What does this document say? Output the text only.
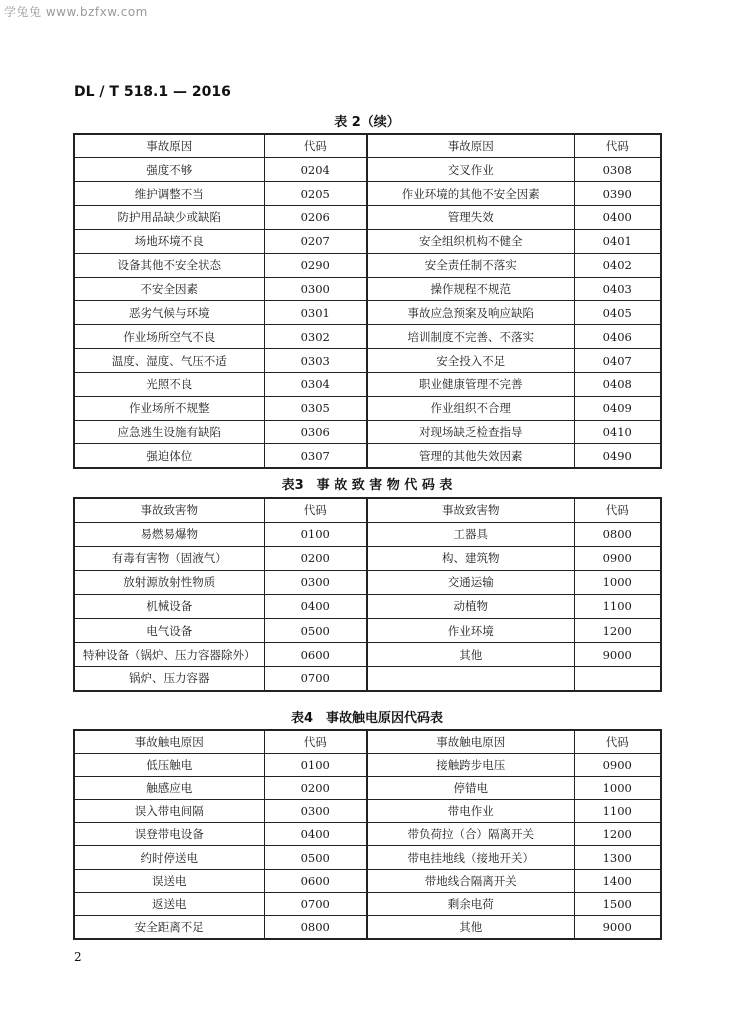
学兔兔 www.bzfxw.com
DL / T 518.1 — 2016
表 2（续）
事故原因	代码	事故原因	代码
强度不够	0204	交叉作业	0308
维护调整不当	0205	作业环境的其他不安全因素	0390
防护用品缺少或缺陷	0206	管理失效	0400
场地环境不良	0207	安全组织机构不健全	0401
设备其他不安全状态	0290	安全责任制不落实	0402
不安全因素	0300	操作规程不规范	0403
恶劣气候与环境	0301	事故应急预案及响应缺陷	0405
作业场所空气不良	0302	培训制度不完善、不落实	0406
温度、湿度、气压不适	0303	安全投入不足	0407
光照不良	0304	职业健康管理不完善	0408
作业场所不规整	0305	作业组织不合理	0409
应急逃生设施有缺陷	0306	对现场缺乏检查指导	0410
强迫体位	0307	管理的其他失效因素	0490
表3　事 故 致 害 物 代 码 表
事故致害物	代码	事故致害物	代码
易燃易爆物	0100	工器具	0800
有毒有害物（固液气）	0200	构、建筑物	0900
放射源放射性物质	0300	交通运输	1000
机械设备	0400	动植物	1100
电气设备	0500	作业环境	1200
特种设备（锅炉、压力容器除外）	0600	其他	9000
锅炉、压力容器	0700		
表4　事故触电原因代码表
事故触电原因	代码	事故触电原因	代码
低压触电	0100	接触跨步电压	0900
触感应电	0200	停错电	1000
误入带电间隔	0300	带电作业	1100
误登带电设备	0400	带负荷拉（合）隔离开关	1200
约时停送电	0500	带电挂地线（接地开关）	1300
误送电	0600	带地线合隔离开关	1400
返送电	0700	剩余电荷	1500
安全距离不足	0800	其他	9000
2
